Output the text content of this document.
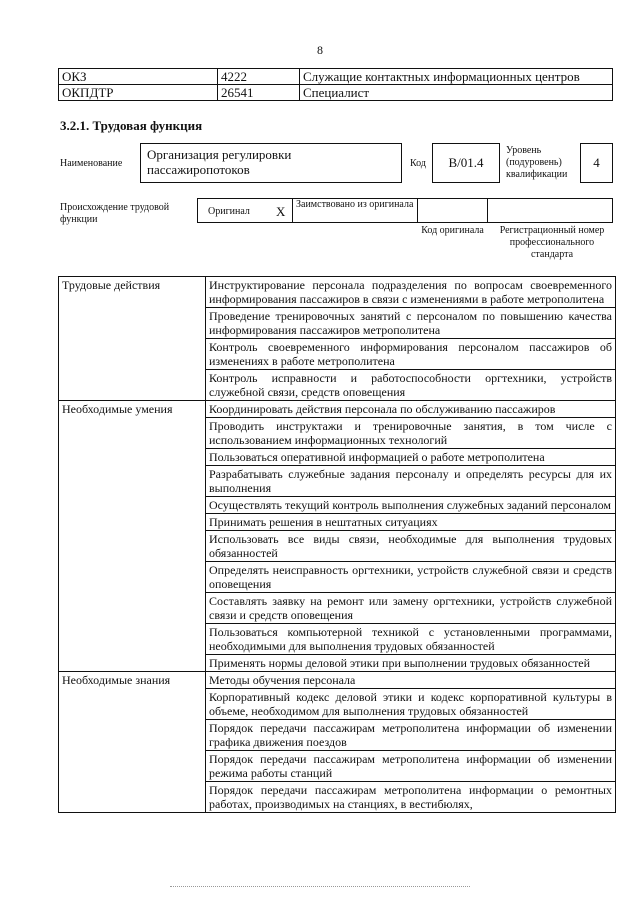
8
ОКЗ	4222	Служащие контактных информационных центров
ОКПДТР	26541	Специалист
3.2.1. Трудовая функция
Наименование
Организация регулировки пассажиропотоков	Код	B/01.4
Уровень (подуровень) квалификации
4
Происхождение трудовой функции
Оригинал X	Заимствовано из оригинала
Код оригинала	Регистрационный номер профессионального стандарта
Трудовые действия	Инструктирование персонала подразделения по вопросам своевременного информирования пассажиров в связи с изменениями в работе метрополитена
	Проведение тренировочных занятий с персоналом по повышению качества информирования пассажиров метрополитена
	Контроль своевременного информирования персоналом пассажиров об изменениях в работе метрополитена
	Контроль исправности и работоспособности оргтехники, устройств служебной связи, средств оповещения
Необходимые умения	Координировать действия персонала по обслуживанию пассажиров
	Проводить инструктажи и тренировочные занятия, в том числе с использованием информационных технологий
	Пользоваться оперативной информацией о работе метрополитена
	Разрабатывать служебные задания персоналу и определять ресурсы для их выполнения
	Осуществлять текущий контроль выполнения служебных заданий персоналом
	Принимать решения в нештатных ситуациях
	Использовать все виды связи, необходимые для выполнения трудовых обязанностей
	Определять неисправность оргтехники, устройств служебной связи и средств оповещения
	Составлять заявку на ремонт или замену оргтехники, устройств служебной связи и средств оповещения
	Пользоваться компьютерной техникой с установленными программами, необходимыми для выполнения трудовых обязанностей
	Применять нормы деловой этики при выполнении трудовых обязанностей
Необходимые знания	Методы обучения персонала
	Корпоративный кодекс деловой этики и кодекс корпоративной культуры в объеме, необходимом для выполнения трудовых обязанностей
	Порядок передачи пассажирам метрополитена информации об изменении графика движения поездов
	Порядок передачи пассажирам метрополитена информации об изменении режима работы станций
	Порядок передачи пассажирам метрополитена информации о ремонтных работах, производимых на станциях, в вестибюлях,
